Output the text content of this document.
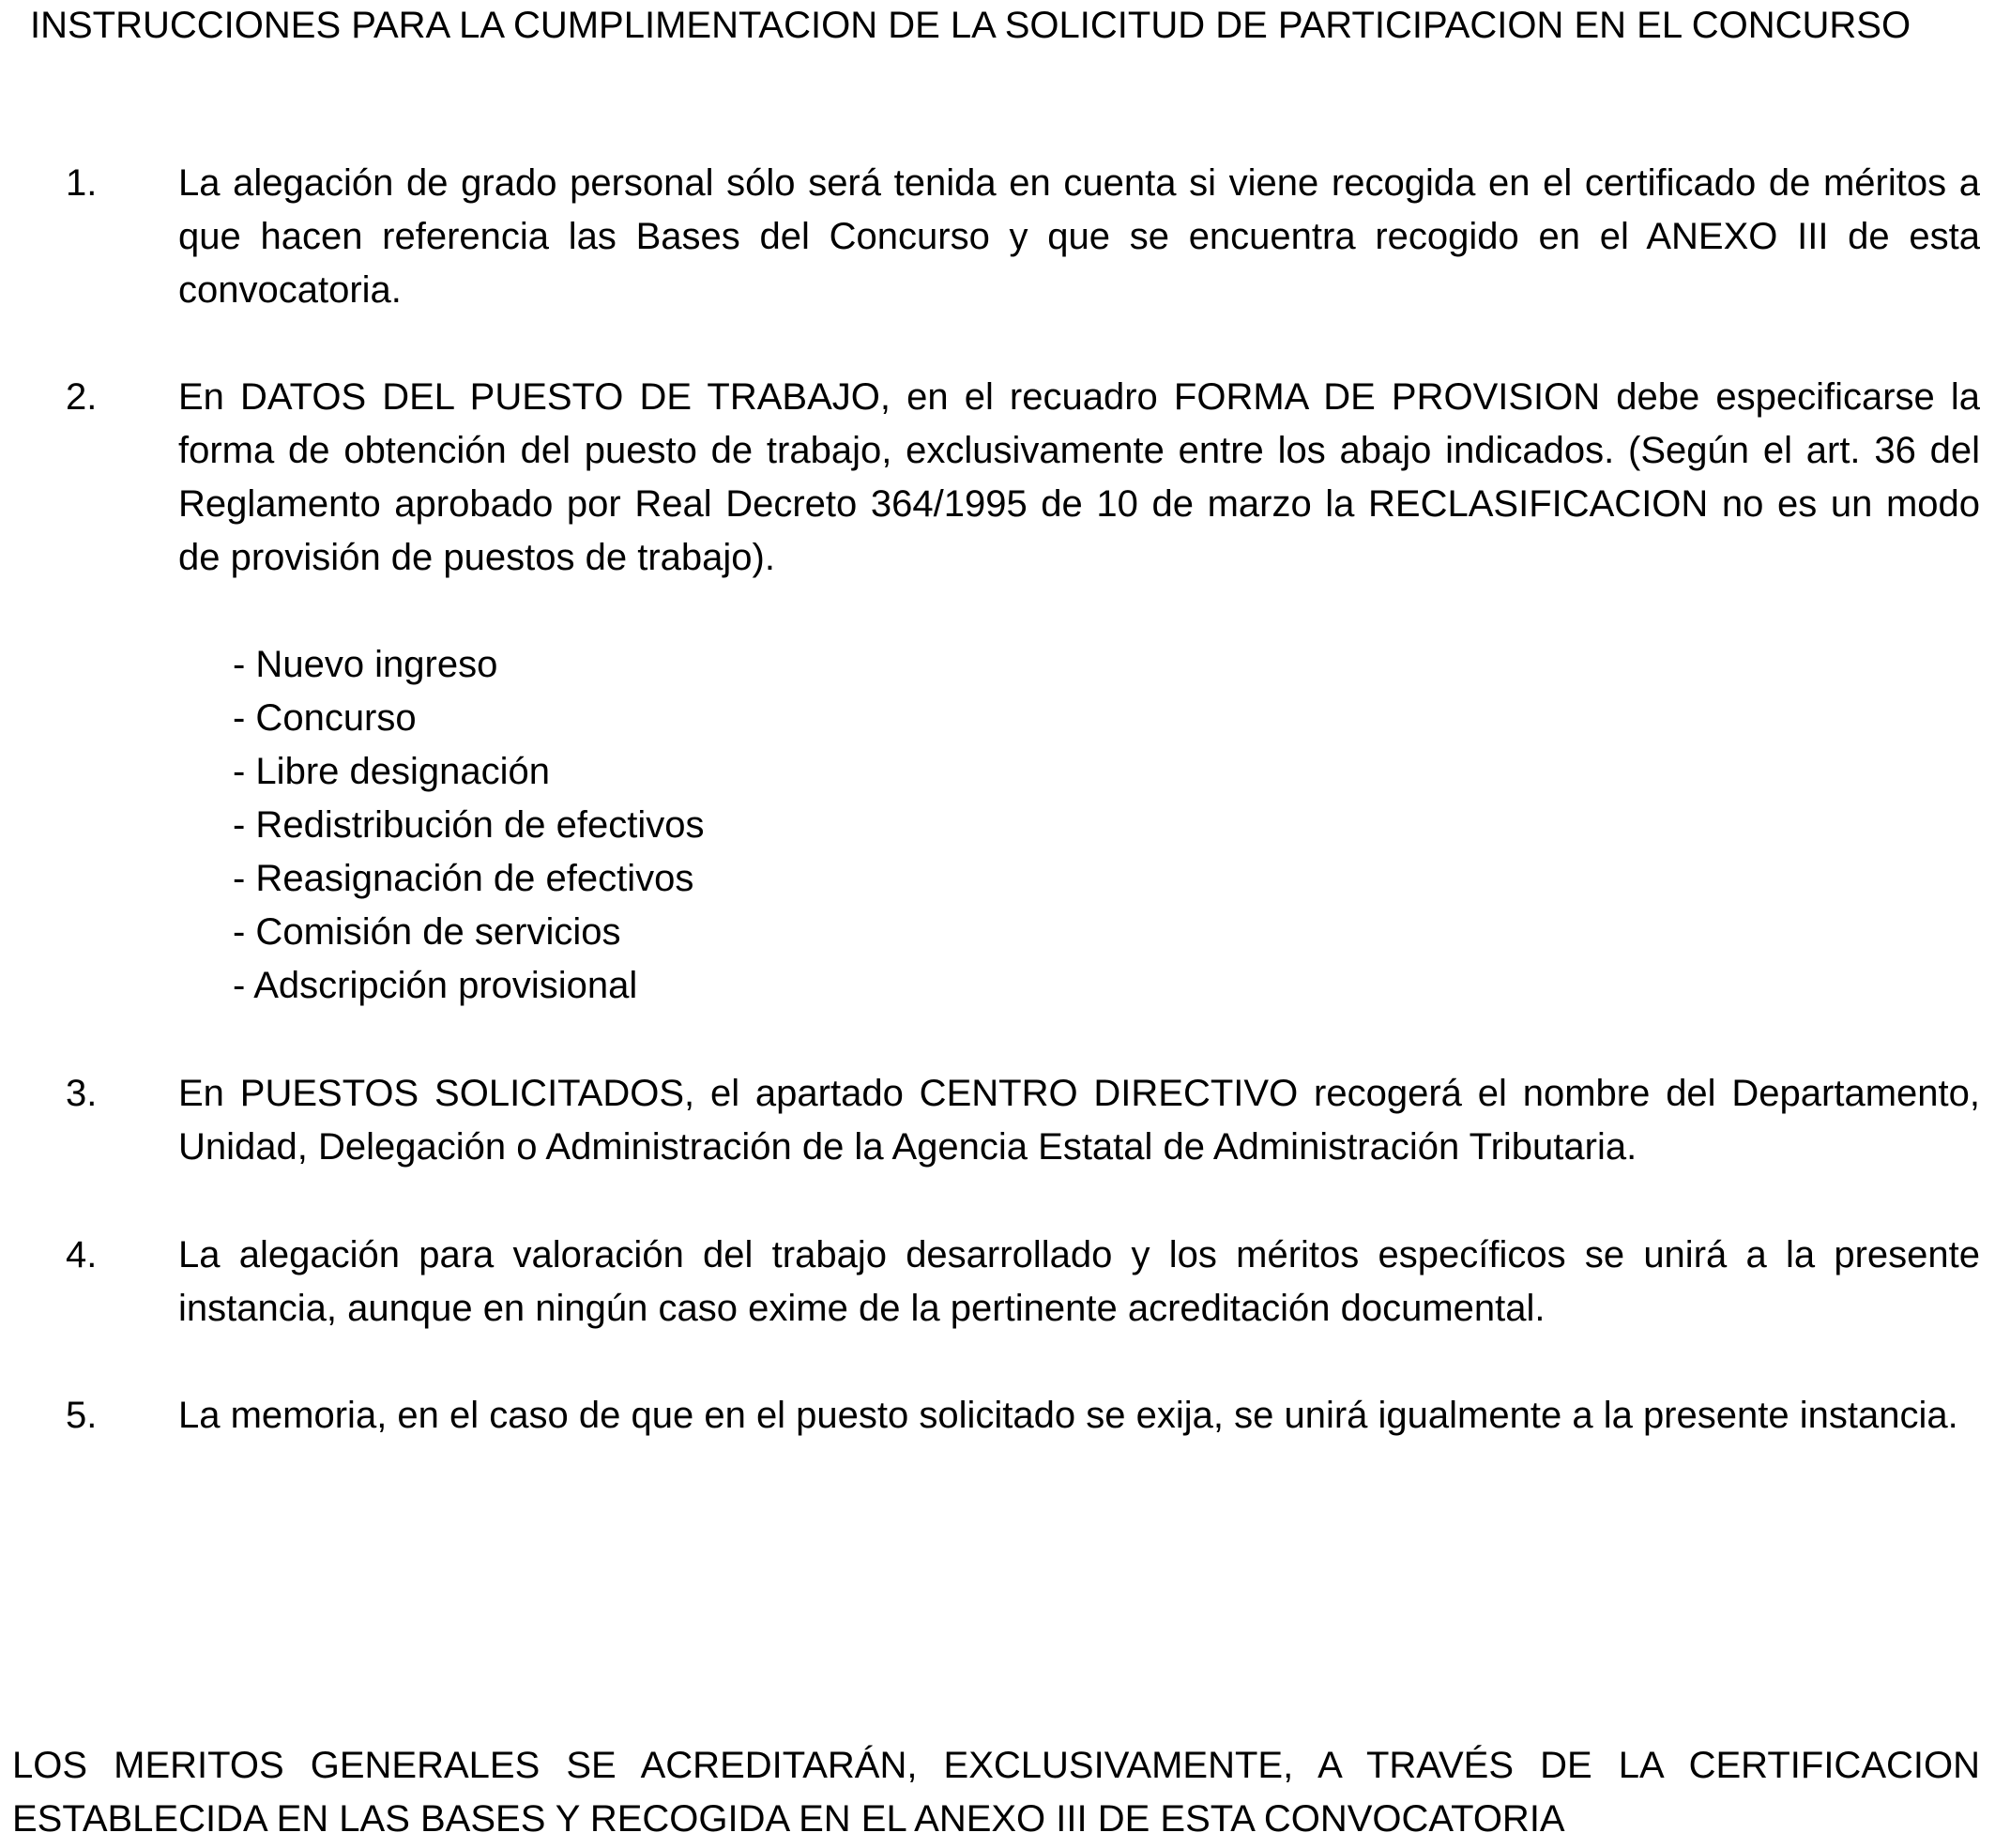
INSTRUCCIONES PARA LA CUMPLIMENTACION DE LA SOLICITUD DE PARTICIPACION EN EL CONCURSO
1.	La alegación de grado personal sólo será tenida en cuenta si viene recogida en el certificado de méritos a que hacen referencia las Bases del Concurso y que se encuentra recogido en el ANEXO III de esta convocatoria.

2.	En DATOS DEL PUESTO DE TRABAJO, en el recuadro FORMA DE PROVISION debe especificarse la forma de obtención del puesto de trabajo, exclusivamente entre los abajo indicados. (Según el art. 36 del Reglamento aprobado por Real Decreto 364/1995 de 10 de marzo la RECLASIFICACION no es un modo de provisión de puestos de trabajo).

- Nuevo ingreso
- Concurso
- Libre designación
- Redistribución de efectivos
- Reasignación de efectivos
- Comisión de servicios
- Adscripción provisional
3.	En PUESTOS SOLICITADOS, el apartado CENTRO DIRECTIVO recogerá el nombre del Departamento, Unidad, Delegación o Administración de la Agencia Estatal de Administración Tributaria.

4.	La alegación para valoración del trabajo desarrollado y los méritos específicos se unirá a la presente instancia, aunque en ningún caso exime de la pertinente acreditación documental.

5.	La memoria, en el caso de que en el puesto solicitado se exija, se unirá igualmente a la presente instancia.

LOS MERITOS GENERALES SE ACREDITARÁN, EXCLUSIVAMENTE, A TRAVÉS DE LA CERTIFICACION
ESTABLECIDA EN LAS BASES Y RECOGIDA EN EL ANEXO III DE ESTA CONVOCATORIA
